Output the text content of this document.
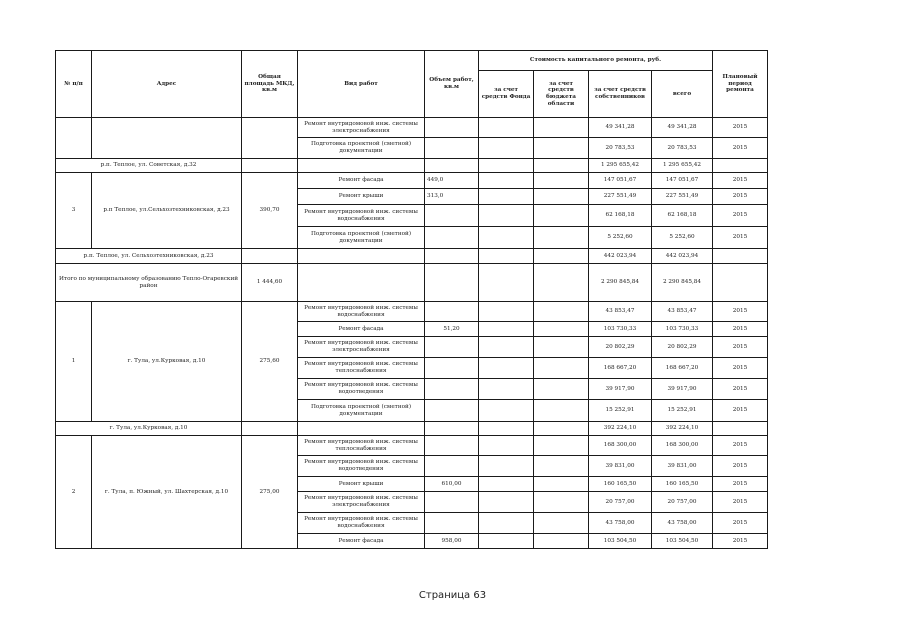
№ п/п	Адрес	Общая площадь МКД, кв.м	Вид работ	Объем работ, кв.м	Стоимость капитального ремонта, руб.				Плановый период ремонта
					за счет средств Фонда	за счет средств бюджета области	за счет средств собственников	всего	
			Ремонт внутридомовой инж. системы электроснабжения				49 341,28	49 341,28	2015
			Подготовка проектной (сметной) документации				20 783,53	20 783,53	2015
р.п. Теплое, ул. Советская, д.32							1 295 655,42	1 295 655,42	
3	р.п Теплое, ул.Сельхозтехниковская, д.23	390,70	Ремонт фасада	449,0			147 051,67	147 051,67	2015
			Ремонт крыши	313,0			227 551,49	227 551,49	2015
			Ремонт внутридомовой инж. системы водоснабжения				62 168,18	62 168,18	2015
			Подготовка проектной (сметной) документации				5 252,60	5 252,60	2015
р.п. Теплое, ул. Сельхозтехниковская, д.23							442 023,94	442 023,94	
Итого по муниципальному образованию Тепло-Огаревский район		1 444,60					2 290 845,84	2 290 845,84	
1	г. Тула, ул.Курковая, д.10	275,60	Ремонт внутридомовой инж. системы водоснабжения				43 853,47	43 853,47	2015
			Ремонт фасада	51,20			103 730,33	103 730,33	2015
			Ремонт внутридомовой инж. системы электроснабжения				20 802,29	20 802,29	2015
			Ремонт внутридомовой инж. системы теплоснабжения				168 667,20	168 667,20	2015
			Ремонт внутридомовой инж. системы водоотведения				39 917,90	39 917,90	2015
			Подготовка проектной (сметной) документации				15 252,91	15 252,91	2015
г. Тула, ул.Курковая, д.10							392 224,10	392 224,10	
2	г. Тула, п. Южный, ул. Шахтерская, д.10	275,00	Ремонт внутридомовой инж. системы теплоснабжения				168 300,00	168 300,00	2015
			Ремонт внутридомовой инж. системы водоотведения				39 831,00	39 831,00	2015
			Ремонт крыши	610,00			160 165,50	160 165,50	2015
			Ремонт внутридомовой инж. системы электроснабжения				20 757,00	20 757,00	2015
			Ремонт внутридомовой инж. системы водоснабжения				43 758,00	43 758,00	2015
			Ремонт фасада	958,00			103 504,50	103 504,50	2015
Страница 63
